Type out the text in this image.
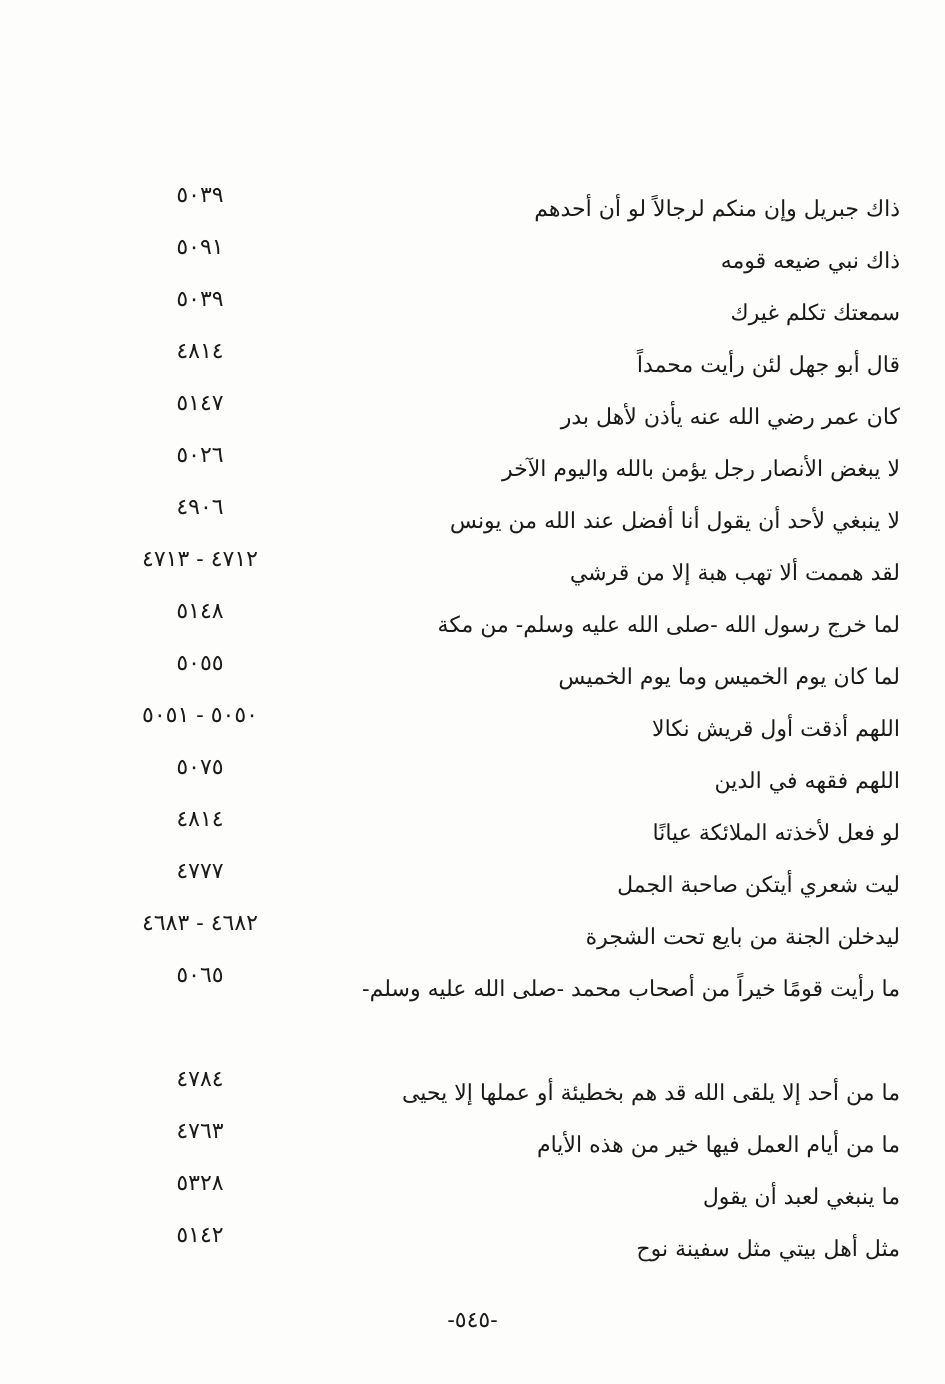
ذاك جبريل وإن منكم لرجالاً لو أن أحدهم
٥٠٣٩
ذاك نبي ضيعه قومه
٥٠٩١
سمعتك تكلم غيرك
٥٠٣٩
قال أبو جهل لئن رأيت محمداً
٤٨١٤
كان عمر رضي الله عنه يأذن لأهل بدر
٥١٤٧
لا يبغض الأنصار رجل يؤمن بالله واليوم الآخر
٥٠٢٦
لا ينبغي لأحد أن يقول أنا أفضل عند الله من يونس
٤٩٠٦
لقد هممت ألا تهب هبة إلا من قرشي
٤٧١٢ - ٤٧١٣
لما خرج رسول الله -صلى الله عليه وسلم- من مكة
٥١٤٨
لما كان يوم الخميس وما يوم الخميس
٥٠٥٥
اللهم أذقت أول قريش نكالا
٥٠٥٠ - ٥٠٥١
اللهم فقهه في الدين
٥٠٧٥
لو فعل لأخذته الملائكة عيانًا
٤٨١٤
ليت شعري أيتكن صاحبة الجمل
٤٧٧٧
ليدخلن الجنة من بايع تحت الشجرة
٤٦٨٢ - ٤٦٨٣
ما رأيت قومًا خيراً من أصحاب محمد -صلى الله عليه وسلم-
٥٠٦٥
ما من أحد إلا يلقى الله قد هم بخطيئة أو عملها إلا يحيى
٤٧٨٤
ما من أيام العمل فيها خير من هذه الأيام
٤٧٦٣
ما ينبغي لعبد أن يقول
٥٣٢٨
مثل أهل بيتي مثل سفينة نوح
٥١٤٢
-٥٤٥-
